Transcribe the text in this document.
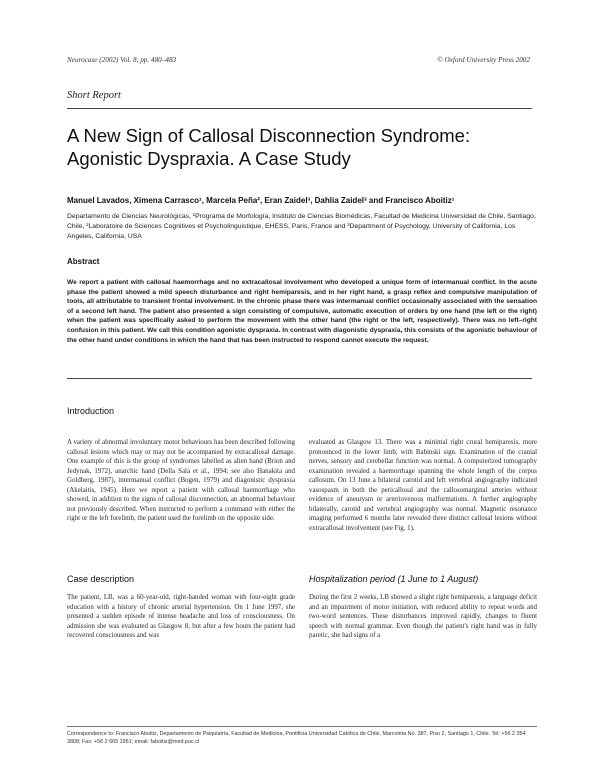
Neurocase (2002) Vol. 8, pp. 480–483	© Oxford University Press 2002
Short Report
A New Sign of Callosal Disconnection Syndrome: Agonistic Dyspraxia. A Case Study
Manuel Lavados, Ximena Carrasco¹, Marcela Peña², Eran Zaidel³, Dahlia Zaidel³ and Francisco Aboitiz¹
Departamento de Ciencias Neurológicas, ¹Programa de Morfología, Instituto de Ciencias Biomédicas, Facultad de Medicina Universidad de Chile, Santiago, Chile, ²Laboratoire de Sciences Cognitives et Psycholinguistique, EHESS, Paris, France and ³Department of Psychology, University of California, Los Angeles, California, USA
Abstract
We report a patient with callosal haemorrhage and no extracallosal involvement who developed a unique form of intermanual conflict. In the acute phase the patient showed a mild speech disturbance and right hemiparesis, and in her right hand, a grasp reflex and compulsive manipulation of tools, all attributable to transient frontal involvement. In the chronic phase there was intermanual conflict occasionally associated with the sensation of a second left hand. The patient also presented a sign consisting of compulsive, automatic execution of orders by one hand (the left or the right) when the patient was specifically asked to perform the movement with the other hand (the right or the left, respectively). There was no left–right confusion in this patient. We call this condition agonistic dyspraxia. In contrast with diagonistic dyspraxia, this consists of the agonistic behaviour of the other hand under conditions in which the hand that has been instructed to respond cannot execute the request.
Introduction
A variety of abnormal involuntary motor behaviours has been described following callosal lesions which may or may not be accompanied by extracallosal damage. One example of this is the group of syndromes labelled as alien hand (Brion and Jedynak, 1972), anarchic hand (Della Sala et al., 1994; see also Hanakita and Goldberg, 1987), intermanual conflict (Bogen, 1979) and diagonistic dyspraxia (Akelaitis, 1945). Here we report a patient with callosal haemorrhage who showed, in addition to the signs of callosal disconnection, an abnormal behaviour not previously described. When instructed to perform a command with either the right or the left forelimb, the patient used the forelimb on the opposite side.
evaluated as Glasgow 13. There was a minimal right crural hemiparesis, more pronounced in the lower limb, with Babinski sign. Examination of the cranial nerves, sensory and cerebellar function was normal. A computerized tomography examination revealed a haemorrhage spanning the whole length of the corpus callosum. On 13 June a bilateral carotid and left vertebral angiography indicated vasospasm in both the pericallosal and the callosomarginal arteries without evidence of aneurysm or arteriovenous malformations. A further angiography bilaterally, carotid and vertebral angiography was normal. Magnetic resonance imaging performed 6 months later revealed three distinct callosal lesions without extracallosal involvement (see Fig. 1).
Case description
The patient, LB, was a 60-year-old, right-handed woman with four-eight grade education with a history of chronic arterial hypertension. On 1 June 1997, she presented a sudden episode of intense headache and loss of consciousness. On admission she was evaluated as Glasgow 8, but after a few hours the patient had recovered consciousness and was
Hospitalization period (1 June to 1 August)
During the first 2 weeks, LB showed a slight right hemiparesis, a language deficit and an impairment of motor initiation, with reduced ability to repeat words and two-word sentences. These disturbances improved rapidly, changes to fluent speech with normal grammar. Even though the patient's right hand was in fully paretic, she had signs of a
Correspondence to: Francisco Aboitiz, Departamento de Psiquiatría, Facultad de Medicina, Pontificia Universidad Católica de Chile, Marcoleta No. 387, Piso 2, Santiago 1, Chile. Tel: +56 2 354 3808; Fax: +56 2 665 1951; email: faboitiz@med.puc.cl
